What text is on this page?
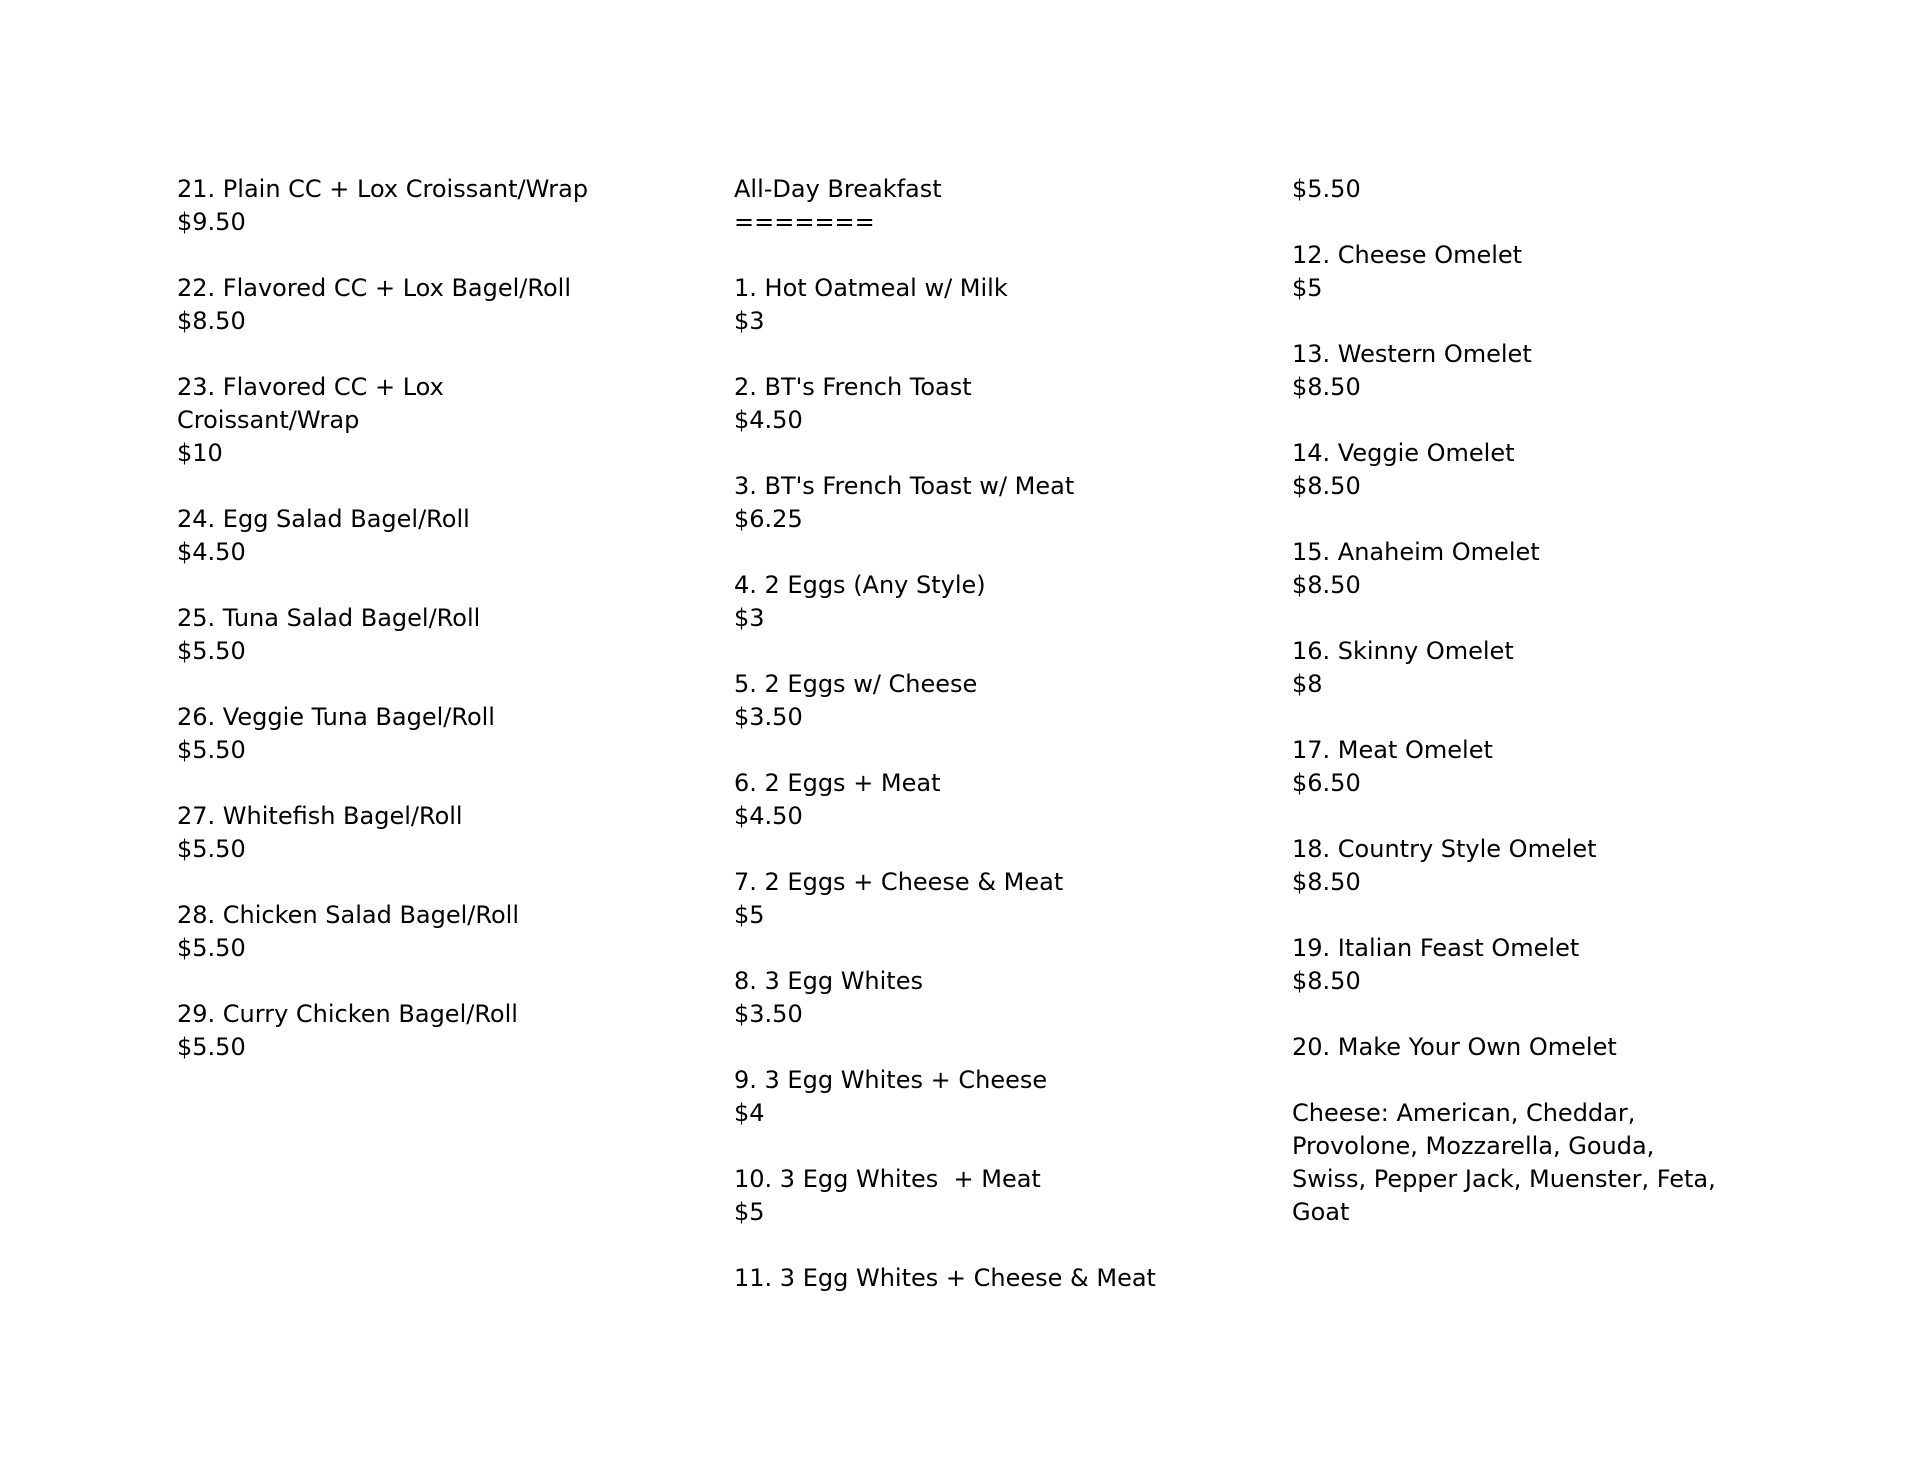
21. Plain CC + Lox Croissant/Wrap

$9.50

22. Flavored CC + Lox Bagel/Roll

$8.50

23. Flavored CC + Lox

Croissant/Wrap

$10

24. Egg Salad Bagel/Roll

$4.50

25. Tuna Salad Bagel/Roll

$5.50

26. Veggie Tuna Bagel/Roll

$5.50

27. Whitefish Bagel/Roll

$5.50

28. Chicken Salad Bagel/Roll

$5.50

29. Curry Chicken Bagel/Roll

$5.50

All-Day Breakfast

=======

1. Hot Oatmeal w/ Milk

$3

2. BT's French Toast

$4.50

3. BT's French Toast w/ Meat

$6.25

4. 2 Eggs (Any Style)

$3

5. 2 Eggs w/ Cheese

$3.50

6. 2 Eggs + Meat

$4.50

7. 2 Eggs + Cheese & Meat

$5

8. 3 Egg Whites

$3.50

9. 3 Egg Whites + Cheese

$4

10. 3 Egg Whites  + Meat

$5

11. 3 Egg Whites + Cheese & Meat

$5.50

12. Cheese Omelet

$5

13. Western Omelet

$8.50

14. Veggie Omelet

$8.50

15. Anaheim Omelet

$8.50

16. Skinny Omelet

$8

17. Meat Omelet

$6.50

18. Country Style Omelet

$8.50

19. Italian Feast Omelet

$8.50

20. Make Your Own Omelet

Cheese: American, Cheddar,

Provolone, Mozzarella, Gouda,

Swiss, Pepper Jack, Muenster, Feta,

Goat
